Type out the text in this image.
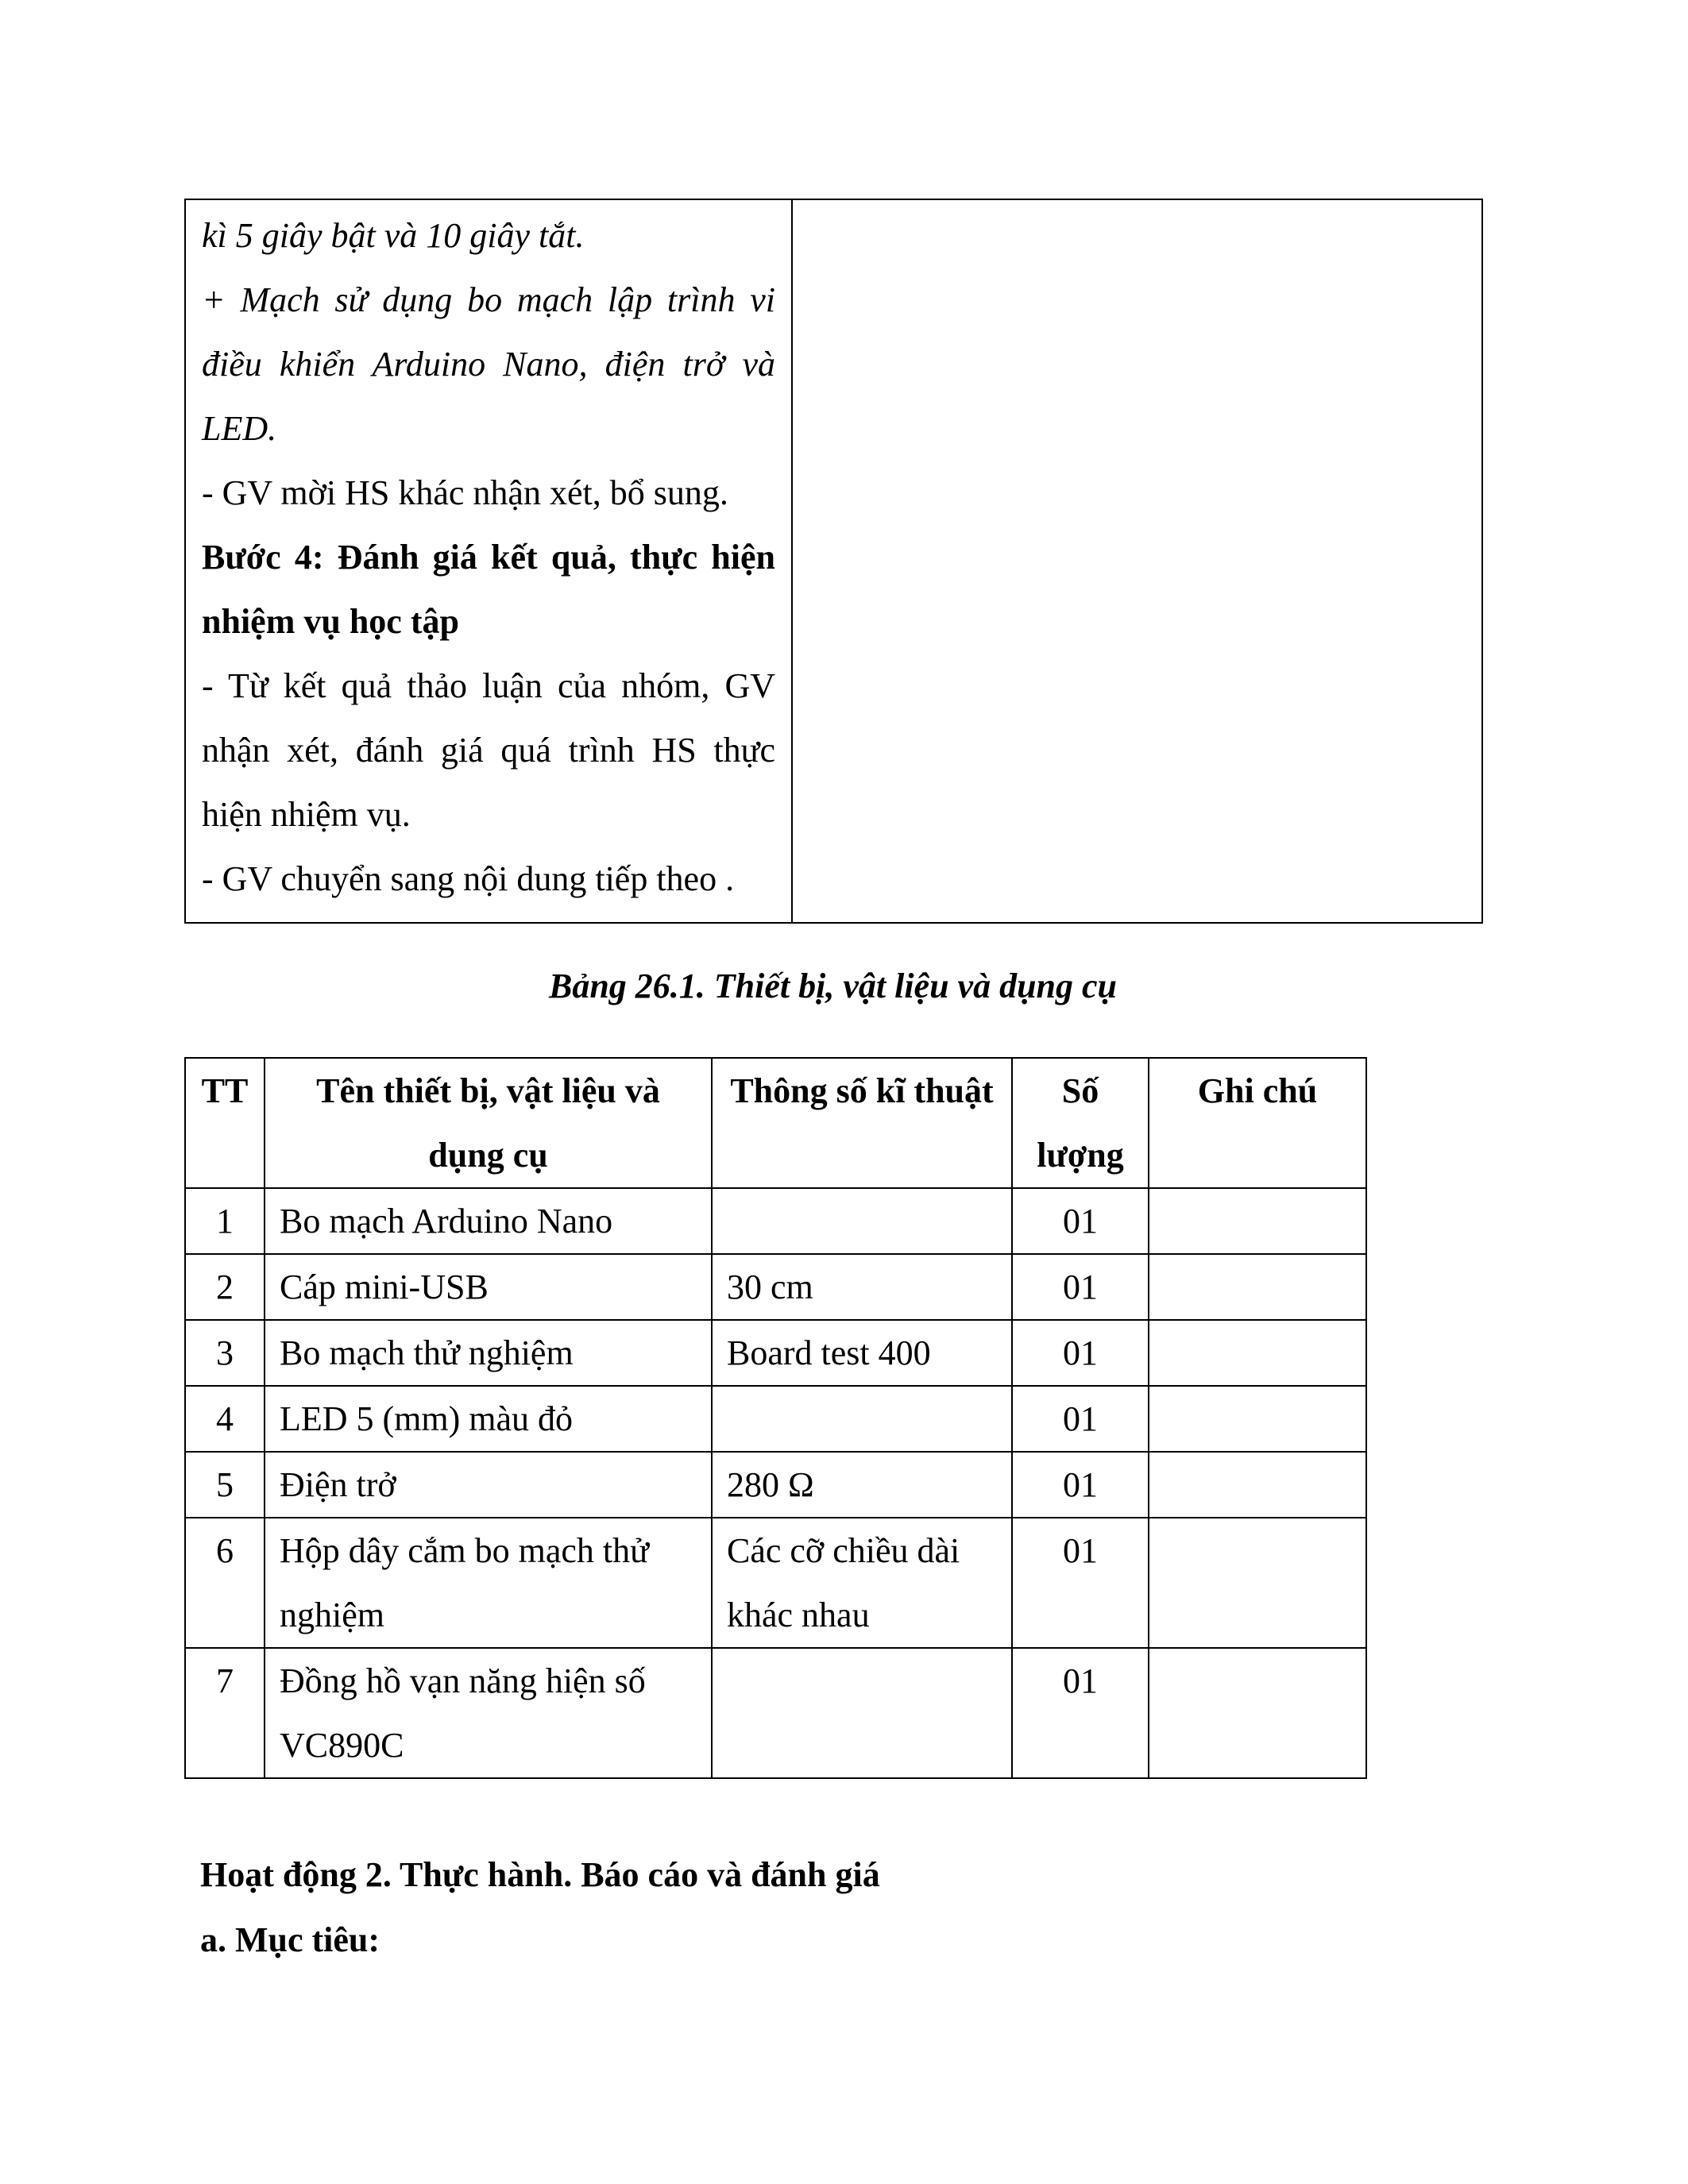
kì 5 giây bật và 10 giây tắt.

+ Mạch sử dụng bo mạch lập trình vi điều khiển Arduino Nano, điện trở và LED.

- GV mời HS khác nhận xét, bổ sung.

Bước 4: Đánh giá kết quả, thực hiện nhiệm vụ học tập

- Từ kết quả thảo luận của nhóm, GV nhận xét, đánh giá quá trình HS thực hiện nhiệm vụ.

- GV chuyển sang nội dung tiếp theo .

Bảng 26.1. Thiết bị, vật liệu và dụng cụ

TT	Tên thiết bị, vật liệu và dụng cụ	Thông số kĩ thuật	Số lượng	Ghi chú
1	Bo mạch Arduino Nano		01	
2	Cáp mini-USB	30 cm	01	
3	Bo mạch thử nghiệm	Board test 400	01	
4	LED 5 (mm) màu đỏ		01	
5	Điện trở	280 Ω	01	
6	Hộp dây cắm bo mạch thử nghiệm	Các cỡ chiều dài khác nhau	01	
7	Đồng hồ vạn năng hiện số VC890C		01	

Hoạt động 2. Thực hành. Báo cáo và đánh giá

a. Mục tiêu:
